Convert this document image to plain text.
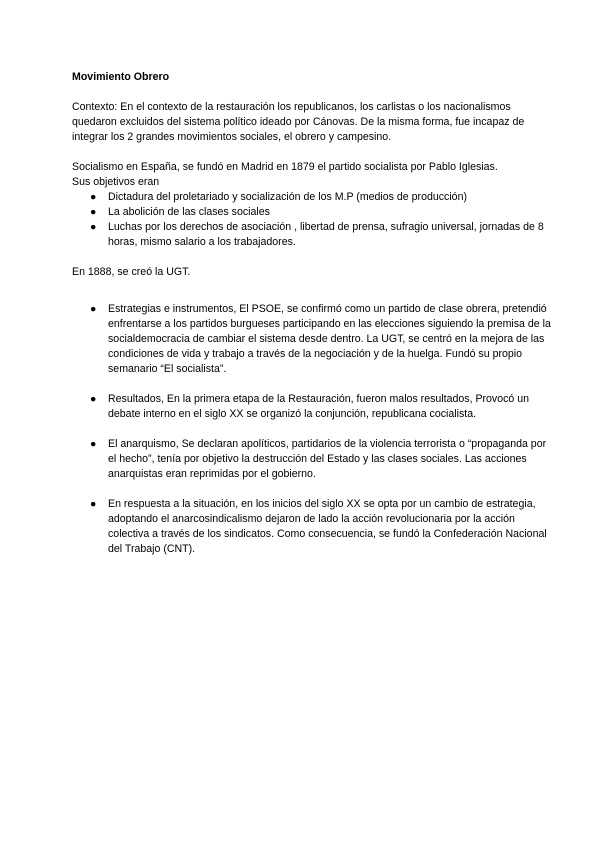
Movimiento Obrero

Contexto: En el contexto de la restauración los republicanos, los carlistas o los nacionalismos quedaron excluidos del sistema político ideado por Cánovas. De la misma forma, fue incapaz de integrar los 2 grandes movimientos sociales, el obrero y campesino.

Socialismo en España, se fundó en Madrid en 1879 el partido socialista por Pablo Iglesias.

Sus objetivos eran

● Dictadura del proletariado y socialización de los M.P (medios de producción)
● La abolición de las clases sociales
● Luchas por los derechos de asociación , libertad de prensa, sufragio universal, jornadas de 8 horas, mismo salario a los trabajadores.

En 1888, se creó la UGT.

● Estrategias e instrumentos, El PSOE, se confirmó como un partido de clase obrera, pretendió enfrentarse a los partidos burgueses participando en las elecciones siguiendo la premisa de la socialdemocracia de cambiar el sistema desde dentro. La UGT, se centró en la mejora de las condiciones de vida y trabajo a través de la negociación y de la huelga. Fundó su propio semanario “El socialista”.
● Resultados, En la primera etapa de la Restauración, fueron malos resultados, Provocó un debate interno en el siglo XX se organizó la conjunción, republicana cocialista.
● El anarquismo, Se declaran apolíticos, partidarios de la violencia terrorista o “propaganda por el hecho”, tenía por objetivo la destrucción del Estado y las clases sociales. Las acciones anarquistas eran reprimidas por el gobierno.
● En respuesta a la situación, en los inicios del siglo XX se opta por un cambio de estrategia, adoptando el anarcosindicalismo dejaron de lado la acción revolucionaria por la acción colectiva a través de los sindicatos. Como consecuencia, se fundó la Confederación Nacional del Trabajo (CNT).
